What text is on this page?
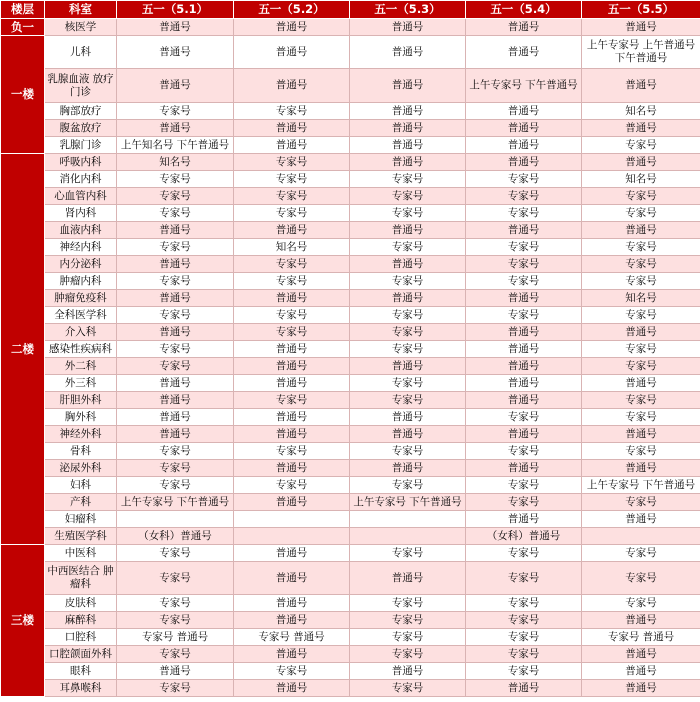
楼层	科室	五一（5.1）	五一（5.2）	五一（5.3）	五一（5.4）	五一（5.5）
负一	核医学	普通号	普通号	普通号	普通号	普通号
一楼	儿科	普通号	普通号	普通号	普通号	上午专家号 上午普通号 下午普通号
	乳腺血液 放疗门诊	普通号	普通号	普通号	上午专家号 下午普通号	普通号
	胸部放疗	专家号	专家号	普通号	普通号	知名号
	腹盆放疗	普通号	普通号	普通号	普通号	普通号
	乳腺门诊	上午知名号 下午普通号	普通号	普通号	普通号	专家号
二楼	呼吸内科	知名号	专家号	普通号	普通号	普通号
	消化内科	专家号	专家号	专家号	专家号	知名号
	心血管内科	专家号	专家号	专家号	专家号	专家号
	肾内科	专家号	专家号	专家号	专家号	专家号
	血液内科	普通号	普通号	普通号	普通号	普通号
	神经内科	专家号	知名号	专家号	专家号	专家号
	内分泌科	普通号	专家号	普通号	专家号	专家号
	肿瘤内科	专家号	专家号	专家号	专家号	专家号
	肿瘤免疫科	普通号	普通号	普通号	普通号	知名号
	全科医学科	专家号	专家号	专家号	专家号	专家号
	介入科	普通号	专家号	专家号	普通号	普通号
	感染性疾病科	专家号	普通号	专家号	普通号	专家号
	外二科	专家号	普通号	普通号	普通号	专家号
	外三科	普通号	普通号	专家号	普通号	普通号
	肝胆外科	普通号	专家号	专家号	普通号	专家号
	胸外科	普通号	普通号	普通号	专家号	专家号
	神经外科	普通号	普通号	普通号	普通号	普通号
	骨科	专家号	专家号	专家号	专家号	专家号
	泌尿外科	专家号	普通号	普通号	普通号	普通号
	妇科	专家号	专家号	专家号	专家号	上午专家号 下午普通号
	产科	上午专家号 下午普通号	普通号	上午专家号 下午普通号	专家号	专家号
	妇瘤科				普通号	普通号
	生殖医学科	（女科）普通号			（女科）普通号	
三楼	中医科	专家号	普通号	专家号	专家号	专家号
	中西医结合 肿瘤科	专家号	普通号	普通号	专家号	专家号
	皮肤科	专家号	普通号	专家号	专家号	专家号
	麻醉科	专家号	普通号	专家号	专家号	普通号
	口腔科	专家号 普通号	专家号 普通号	专家号	专家号	专家号 普通号
	口腔颌面外科	专家号	普通号	专家号	专家号	普通号
	眼科	普通号	专家号	普通号	专家号	普通号
	耳鼻喉科	专家号	普通号	专家号	普通号	普通号
